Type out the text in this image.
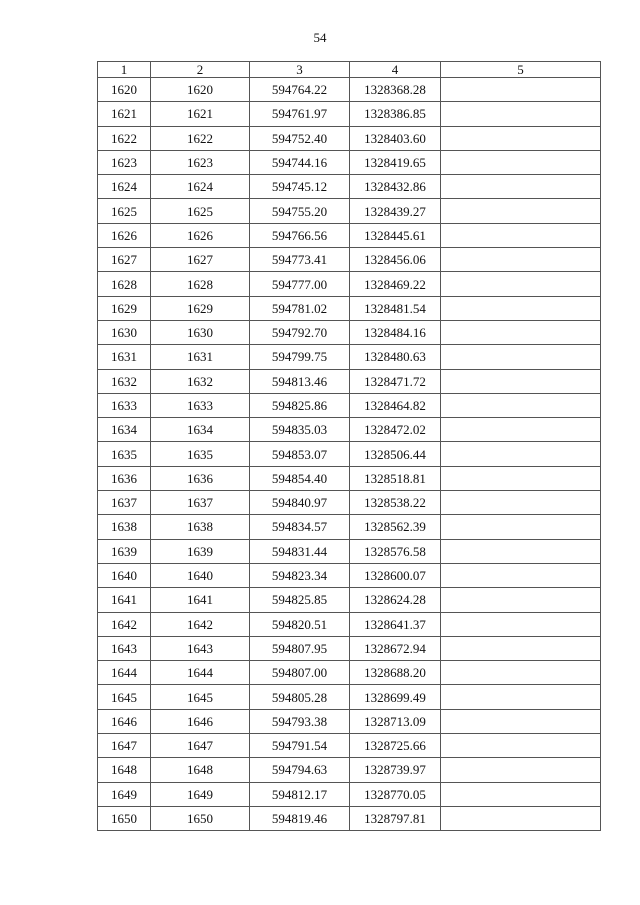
54
1	2	3	4	5
1620	1620	594764.22	1328368.28	
1621	1621	594761.97	1328386.85	
1622	1622	594752.40	1328403.60	
1623	1623	594744.16	1328419.65	
1624	1624	594745.12	1328432.86	
1625	1625	594755.20	1328439.27	
1626	1626	594766.56	1328445.61	
1627	1627	594773.41	1328456.06	
1628	1628	594777.00	1328469.22	
1629	1629	594781.02	1328481.54	
1630	1630	594792.70	1328484.16	
1631	1631	594799.75	1328480.63	
1632	1632	594813.46	1328471.72	
1633	1633	594825.86	1328464.82	
1634	1634	594835.03	1328472.02	
1635	1635	594853.07	1328506.44	
1636	1636	594854.40	1328518.81	
1637	1637	594840.97	1328538.22	
1638	1638	594834.57	1328562.39	
1639	1639	594831.44	1328576.58	
1640	1640	594823.34	1328600.07	
1641	1641	594825.85	1328624.28	
1642	1642	594820.51	1328641.37	
1643	1643	594807.95	1328672.94	
1644	1644	594807.00	1328688.20	
1645	1645	594805.28	1328699.49	
1646	1646	594793.38	1328713.09	
1647	1647	594791.54	1328725.66	
1648	1648	594794.63	1328739.97	
1649	1649	594812.17	1328770.05	
1650	1650	594819.46	1328797.81	
